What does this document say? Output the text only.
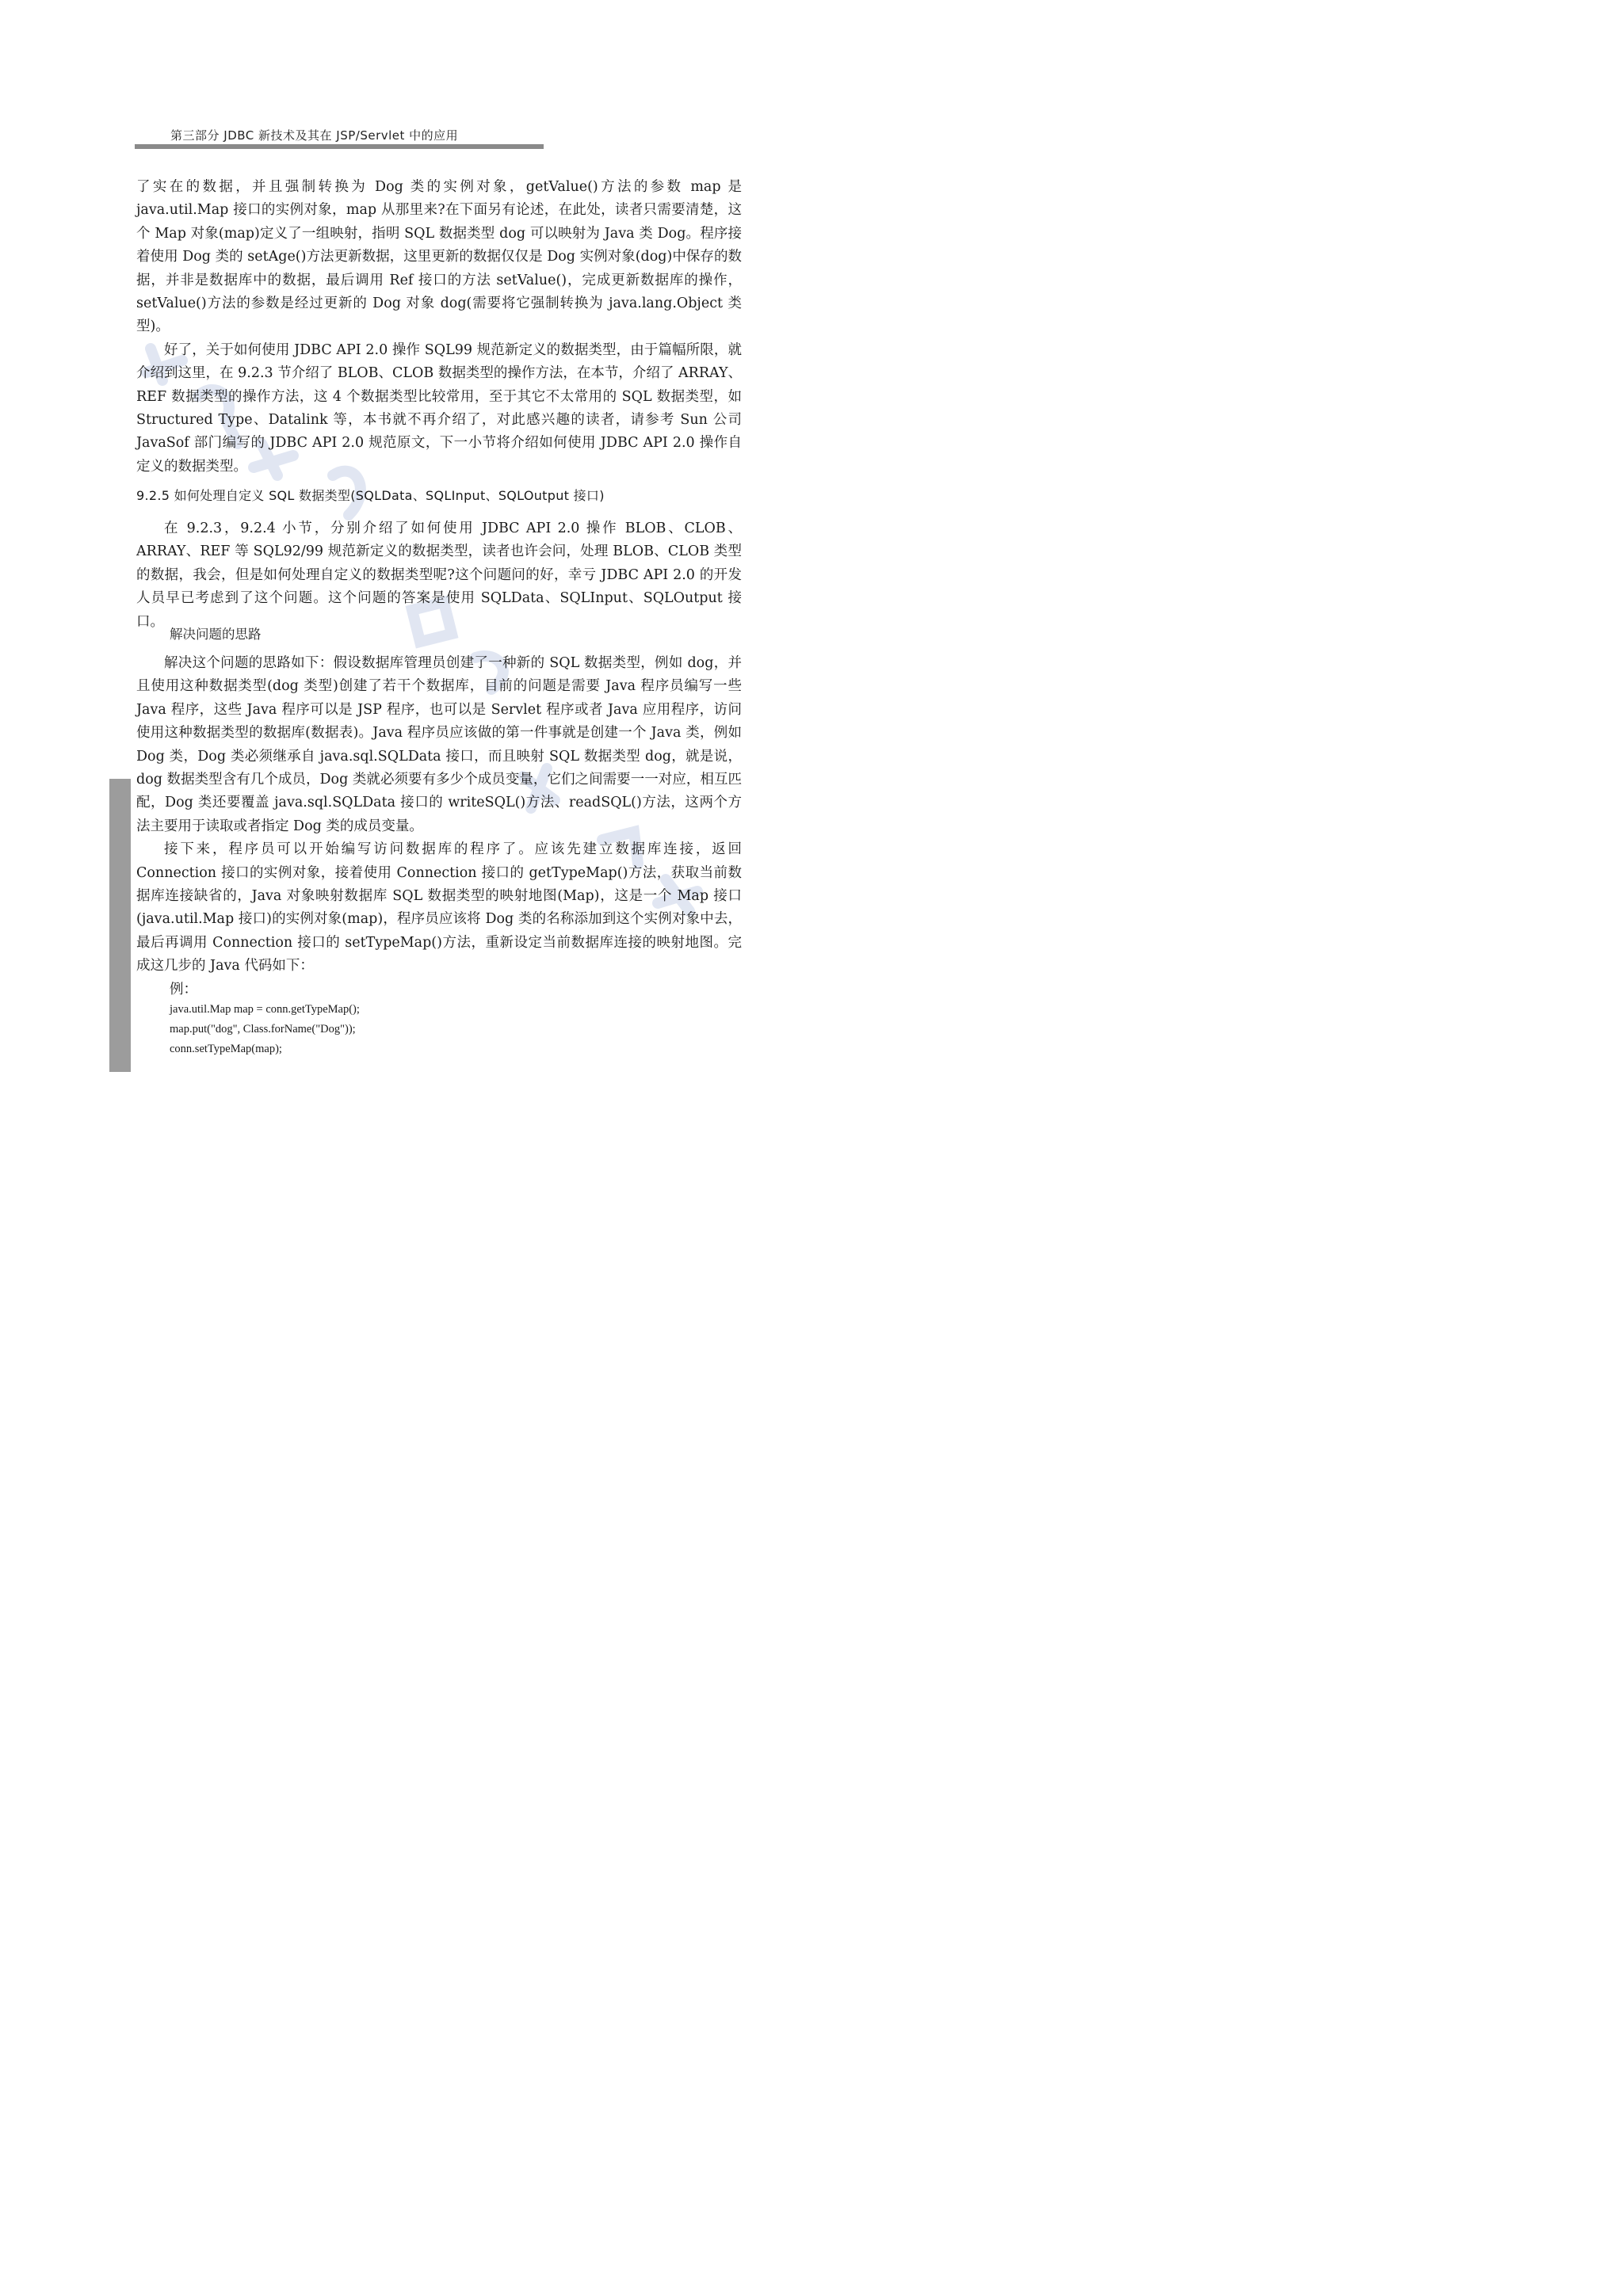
第三部分 JDBC 新技术及其在 JSP/Servlet 中的应用

了实在的数据，并且强制转换为 Dog 类的实例对象，getValue()方法的参数 map 是 java.util.Map 接口的实例对象，map 从那里来?在下面另有论述，在此处，读者只需要清楚，这个 Map 对象(map)定义了一组映射，指明 SQL 数据类型 dog 可以映射为 Java 类 Dog。程序接着使用 Dog 类的 setAge()方法更新数据，这里更新的数据仅仅是 Dog 实例对象(dog)中保存的数据，并非是数据库中的数据，最后调用 Ref 接口的方法 setValue()，完成更新数据库的操作，setValue()方法的参数是经过更新的 Dog 对象 dog(需要将它强制转换为 java.lang.Object 类型)。

好了，关于如何使用 JDBC API 2.0 操作 SQL99 规范新定义的数据类型，由于篇幅所限，就介绍到这里，在 9.2.3 节介绍了 BLOB、CLOB 数据类型的操作方法，在本节，介绍了 ARRAY、REF 数据类型的操作方法，这 4 个数据类型比较常用，至于其它不太常用的 SQL 数据类型，如 Structured Type、Datalink 等，本书就不再介绍了，对此感兴趣的读者，请参考 Sun 公司 JavaSof 部门编写的 JDBC API 2.0 规范原文，下一小节将介绍如何使用 JDBC API 2.0 操作自定义的数据类型。

9.2.5 如何处理自定义 SQL 数据类型(SQLData、SQLInput、SQLOutput 接口)

在 9.2.3，9.2.4 小节，分别介绍了如何使用 JDBC API 2.0 操作 BLOB、CLOB、ARRAY、REF 等 SQL92/99 规范新定义的数据类型，读者也许会问，处理 BLOB、CLOB 类型的数据，我会，但是如何处理自定义的数据类型呢?这个问题问的好，幸亏 JDBC API 2.0 的开发人员早已考虑到了这个问题。这个问题的答案是使用 SQLData、SQLInput、SQLOutput 接口。

解决问题的思路

解决这个问题的思路如下：假设数据库管理员创建了一种新的 SQL 数据类型，例如 dog，并且使用这种数据类型(dog 类型)创建了若干个数据库，目前的问题是需要 Java 程序员编写一些 Java 程序，这些 Java 程序可以是 JSP 程序，也可以是 Servlet 程序或者 Java 应用程序，访问使用这种数据类型的数据库(数据表)。Java 程序员应该做的第一件事就是创建一个 Java 类，例如 Dog 类，Dog 类必须继承自 java.sql.SQLData 接口，而且映射 SQL 数据类型 dog，就是说，dog 数据类型含有几个成员，Dog 类就必须要有多少个成员变量，它们之间需要一一对应，相互匹配，Dog 类还要覆盖 java.sql.SQLData 接口的 writeSQL()方法、readSQL()方法，这两个方法主要用于读取或者指定 Dog 类的成员变量。

接下来，程序员可以开始编写访问数据库的程序了。应该先建立数据库连接，返回 Connection 接口的实例对象，接着使用 Connection 接口的 getTypeMap()方法，获取当前数据库连接缺省的，Java 对象映射数据库 SQL 数据类型的映射地图(Map)，这是一个 Map 接口(java.util.Map 接口)的实例对象(map)，程序员应该将 Dog 类的名称添加到这个实例对象中去，最后再调用 Connection 接口的 setTypeMap()方法，重新设定当前数据库连接的映射地图。完成这几步的 Java 代码如下：

例：
java.util.Map map = conn.getTypeMap();
map.put("dog", Class.forName("Dog"));
conn.setTypeMap(map);
